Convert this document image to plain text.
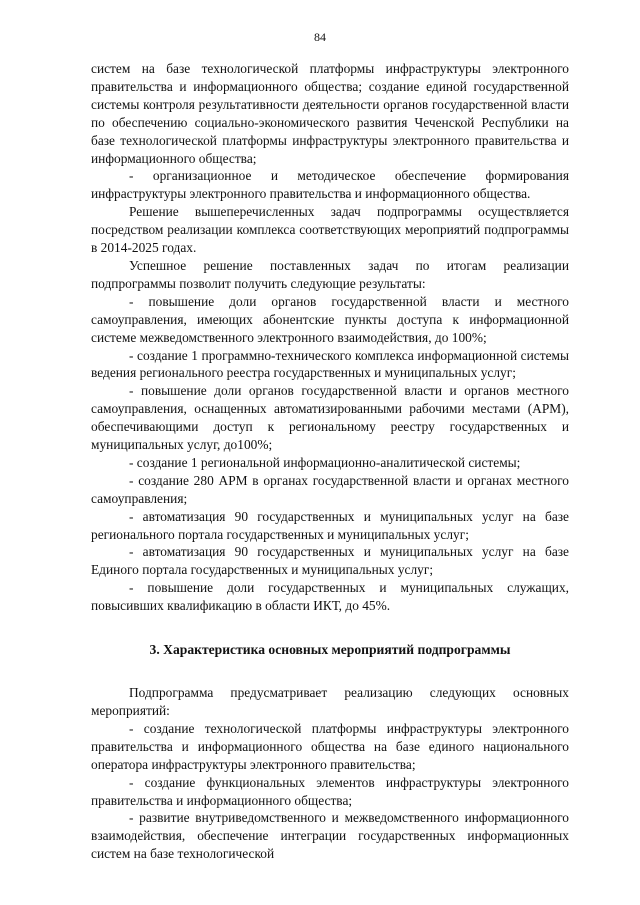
84

систем на базе технологической платформы инфраструктуры электронного правительства и информационного общества; создание единой государственной системы контроля результативности деятельности органов государственной власти по обеспечению социально-экономического развития Чеченской Республики на базе технологической платформы инфраструктуры электронного правительства и информационного общества;

- организационное и методическое обеспечение формирования инфраструктуры электронного правительства и информационного общества.

Решение вышеперечисленных задач подпрограммы осуществляется посредством реализации комплекса соответствующих мероприятий подпрограммы в 2014-2025 годах.

Успешное решение поставленных задач по итогам реализации подпрограммы позволит получить следующие результаты:

- повышение доли органов государственной власти и местного самоуправления, имеющих абонентские пункты доступа к информационной системе межведомственного электронного взаимодействия, до 100%;

- создание 1 программно-технического комплекса информационной системы ведения регионального реестра государственных и муниципальных услуг;

- повышение доли органов государственной власти и органов местного самоуправления, оснащенных автоматизированными рабочими местами (АРМ), обеспечивающими доступ к региональному реестру государственных и муниципальных услуг, до100%;

- создание 1 региональной информационно-аналитической системы;

- создание 280 АРМ в органах государственной власти и органах местного самоуправления;

- автоматизация 90 государственных и муниципальных услуг на базе регионального портала государственных и муниципальных услуг;

- автоматизация 90 государственных и муниципальных услуг на базе Единого портала государственных и муниципальных услуг;

- повышение доли государственных и муниципальных служащих, повысивших квалификацию в области ИКТ, до 45%.

3. Характеристика основных мероприятий подпрограммы

Подпрограмма предусматривает реализацию следующих основных мероприятий:

- создание технологической платформы инфраструктуры электронного правительства и информационного общества на базе единого национального оператора инфраструктуры электронного правительства;

- создание функциональных элементов инфраструктуры электронного правительства и информационного общества;

- развитие внутриведомственного и межведомственного информационного взаимодействия, обеспечение интеграции государственных информационных систем на базе технологической
